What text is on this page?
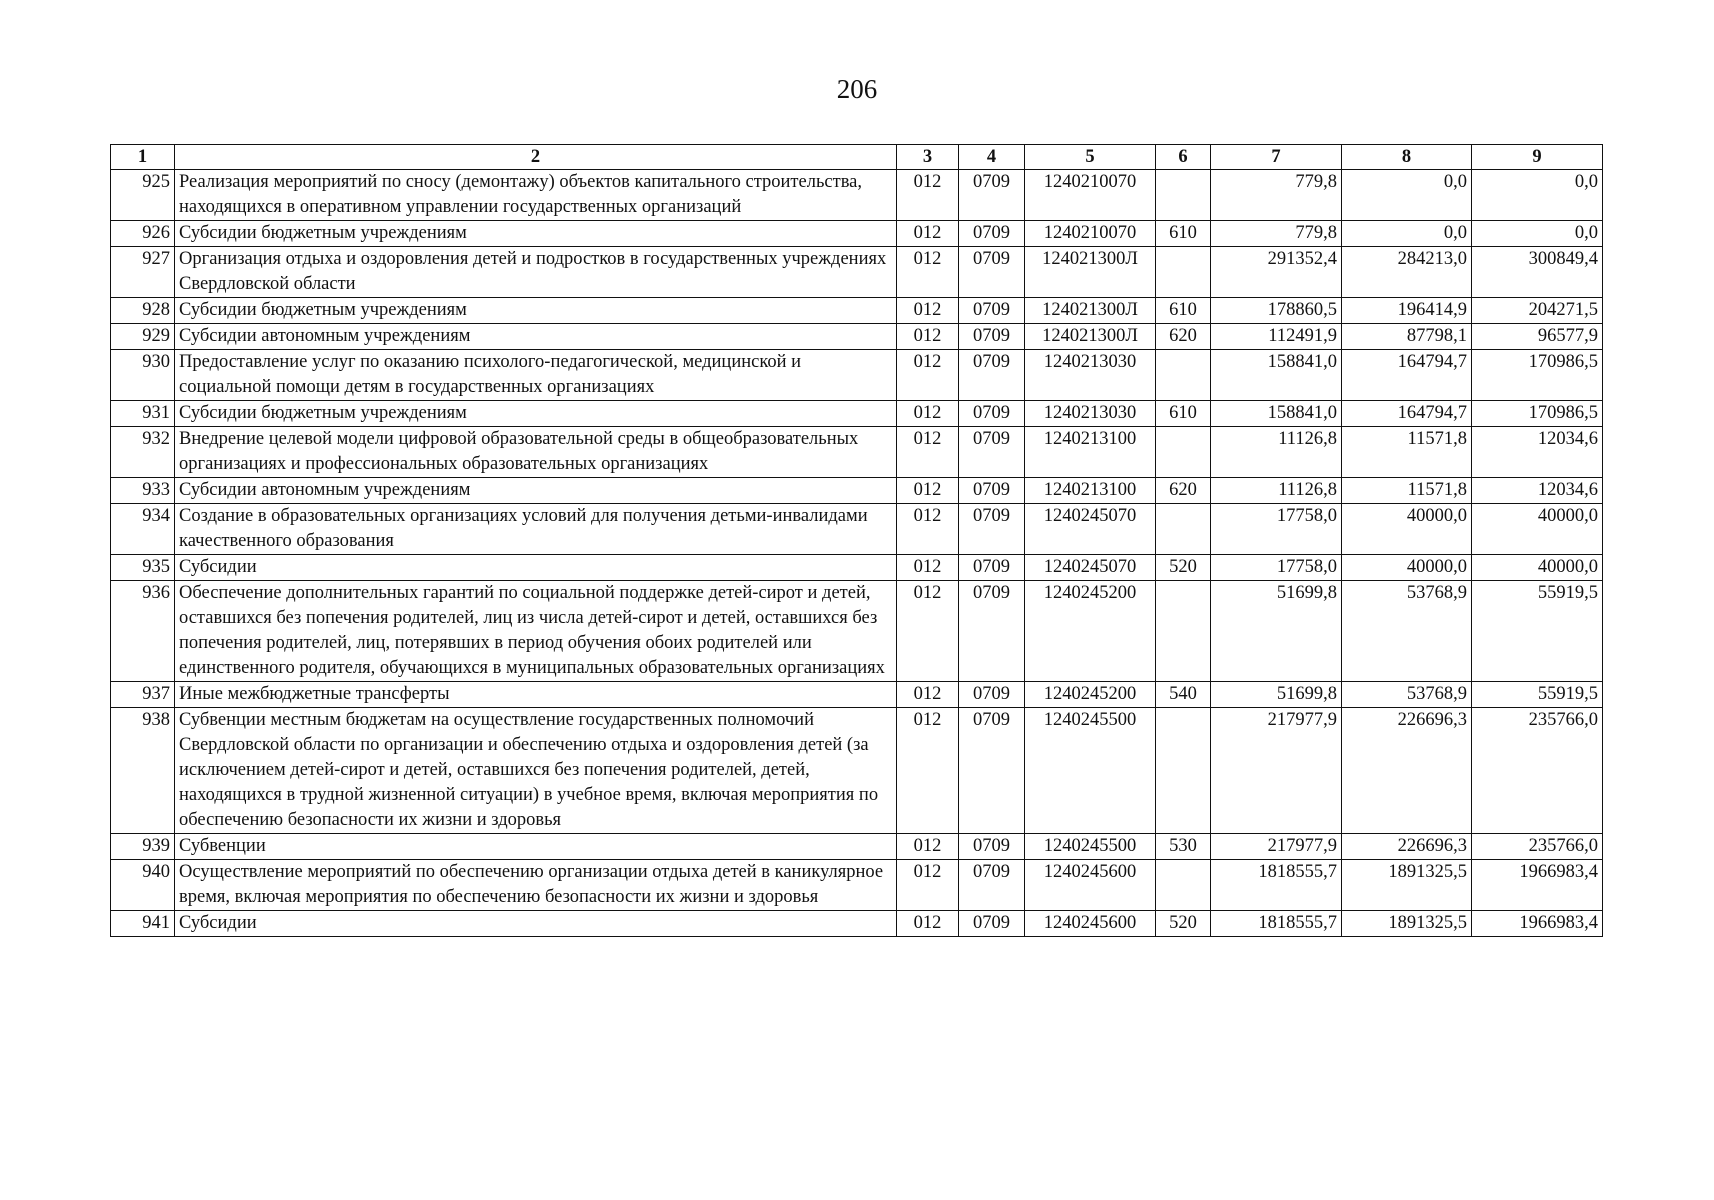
206
1	2	3	4	5	6	7	8	9
925	Реализация мероприятий по сносу (демонтажу) объектов капитального строительства, находящихся в оперативном управлении государственных организаций	012	0709	1240210070		779,8	0,0	0,0
926	Субсидии бюджетным учреждениям	012	0709	1240210070	610	779,8	0,0	0,0
927	Организация отдыха и оздоровления детей и подростков в государственных учреждениях Свердловской области	012	0709	124021300Л		291352,4	284213,0	300849,4
928	Субсидии бюджетным учреждениям	012	0709	124021300Л	610	178860,5	196414,9	204271,5
929	Субсидии автономным учреждениям	012	0709	124021300Л	620	112491,9	87798,1	96577,9
930	Предоставление услуг по оказанию психолого-педагогической, медицинской и социальной помощи детям в государственных организациях	012	0709	1240213030		158841,0	164794,7	170986,5
931	Субсидии бюджетным учреждениям	012	0709	1240213030	610	158841,0	164794,7	170986,5
932	Внедрение целевой модели цифровой образовательной среды в общеобразовательных организациях и профессиональных образовательных организациях	012	0709	1240213100		11126,8	11571,8	12034,6
933	Субсидии автономным учреждениям	012	0709	1240213100	620	11126,8	11571,8	12034,6
934	Создание в образовательных организациях условий для получения детьми-инвалидами качественного образования	012	0709	1240245070		17758,0	40000,0	40000,0
935	Субсидии	012	0709	1240245070	520	17758,0	40000,0	40000,0
936	Обеспечение дополнительных гарантий по социальной поддержке детей-сирот и детей, оставшихся без попечения родителей, лиц из числа детей-сирот и детей, оставшихся без попечения родителей, лиц, потерявших в период обучения обоих родителей или единственного родителя, обучающихся в муниципальных образовательных организациях	012	0709	1240245200		51699,8	53768,9	55919,5
937	Иные межбюджетные трансферты	012	0709	1240245200	540	51699,8	53768,9	55919,5
938	Субвенции местным бюджетам на осуществление государственных полномочий Свердловской области по организации и обеспечению отдыха и оздоровления детей (за исключением детей-сирот и детей, оставшихся без попечения родителей, детей, находящихся в трудной жизненной ситуации) в учебное время, включая мероприятия по обеспечению безопасности их жизни и здоровья	012	0709	1240245500		217977,9	226696,3	235766,0
939	Субвенции	012	0709	1240245500	530	217977,9	226696,3	235766,0
940	Осуществление мероприятий по обеспечению организации отдыха детей в каникулярное время, включая мероприятия по обеспечению безопасности их жизни и здоровья	012	0709	1240245600		1818555,7	1891325,5	1966983,4
941	Субсидии	012	0709	1240245600	520	1818555,7	1891325,5	1966983,4
